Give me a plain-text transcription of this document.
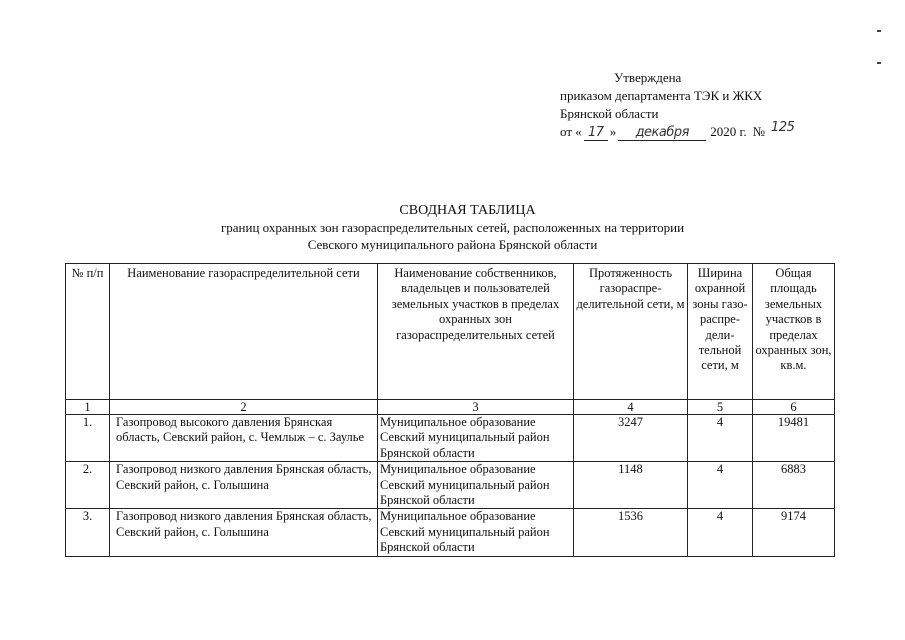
Утверждена
приказом департамента ТЭК и ЖКХ
Брянской области
от « 17 »	декабря	2020 г. № 125
СВОДНАЯ ТАБЛИЦА
границ охранных зон газораспределительных сетей, расположенных на территории
Севского муниципального района Брянской области
№ п/п	Наименование газораспределительной сети	Наименование собственников, владельцев и пользователей земельных участков в пределах охранных зон газораспределительных сетей	Протяженность газораспре-делительной сети, м	Ширина охранной зоны газо-распре-дели-тельной сети, м	Общая площадь земельных участков в пределах охранных зон, кв.м.
1	2	3	4	5	6
1.	Газопровод высокого давления Брянская область, Севский район, с. Чемлыж – с. Заулье	Муниципальное образование Севский муниципальный район Брянской области	3247	4	19481
2.	Газопровод низкого давления Брянская область, Севский район, с. Голышина	Муниципальное образование Севский муниципальный район Брянской области	1148	4	6883
3.	Газопровод низкого давления Брянская область, Севский район, с. Голышина	Муниципальное образование Севский муниципальный район Брянской области	1536	4	9174
